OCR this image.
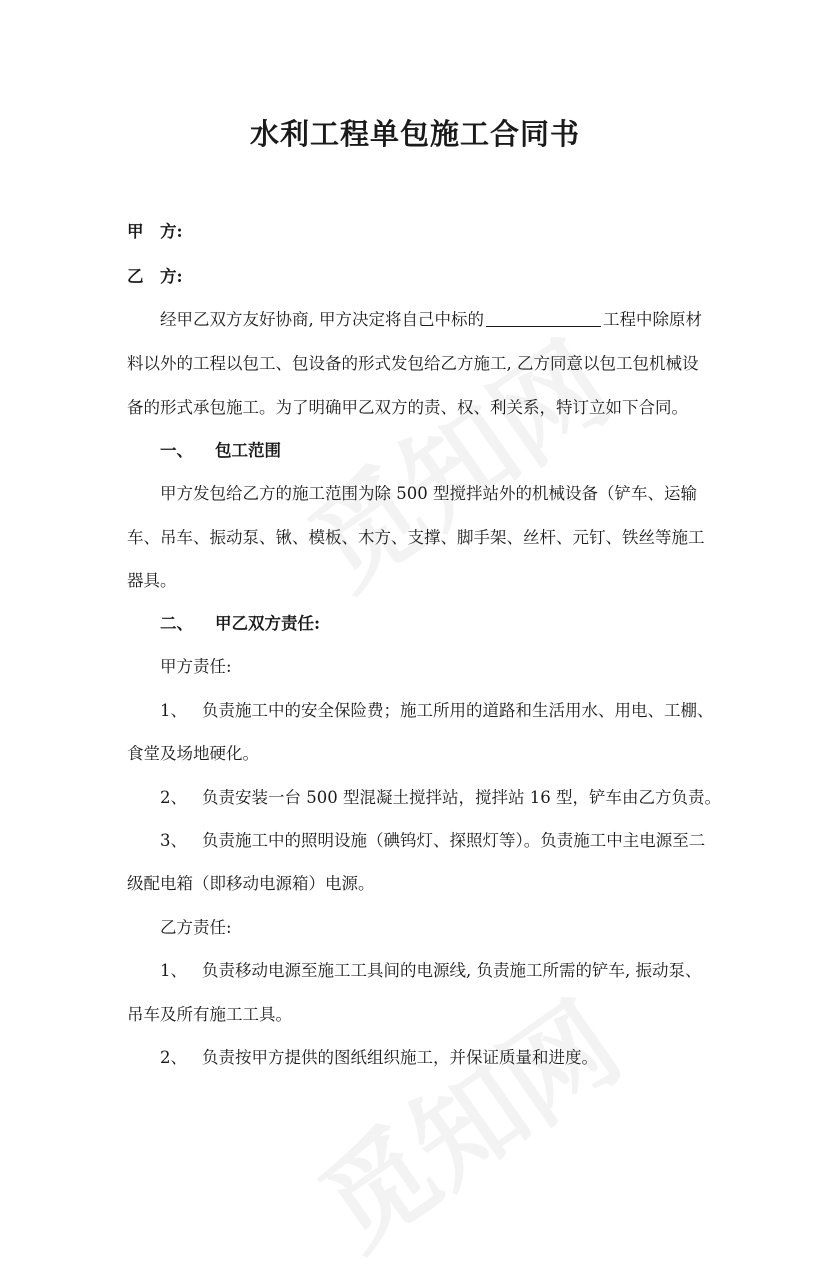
水利工程单包施工合同书
甲　方:
乙　方:
经甲乙双方友好协商, 甲方决定将自己中标的	工程中除原材
料以外的工程以包工、包设备的形式发包给乙方施工, 乙方同意以包工包机械设
备的形式承包施工。为了明确甲乙双方的责、权、利关系，特订立如下合同。
一、 包工范围
甲方发包给乙方的施工范围为除 500 型搅拌站外的机械设备（铲车、运输
车、吊车、振动泵、锹、模板、木方、支撑、脚手架、丝杆、元钉、铁丝等施工
器具。
二、 甲乙双方责任:
甲方责任:
1、 负责施工中的安全保险费；施工所用的道路和生活用水、用电、工棚、
食堂及场地硬化。
2、 负责安装一台 500 型混凝土搅拌站，搅拌站 16 型，铲车由乙方负责。
3、 负责施工中的照明设施（碘钨灯、探照灯等）。负责施工中主电源至二
级配电箱（即移动电源箱）电源。
乙方责任:
1、 负责移动电源至施工工具间的电源线, 负责施工所需的铲车, 振动泵、
吊车及所有施工工具。
2、 负责按甲方提供的图纸组织施工，并保证质量和进度。
